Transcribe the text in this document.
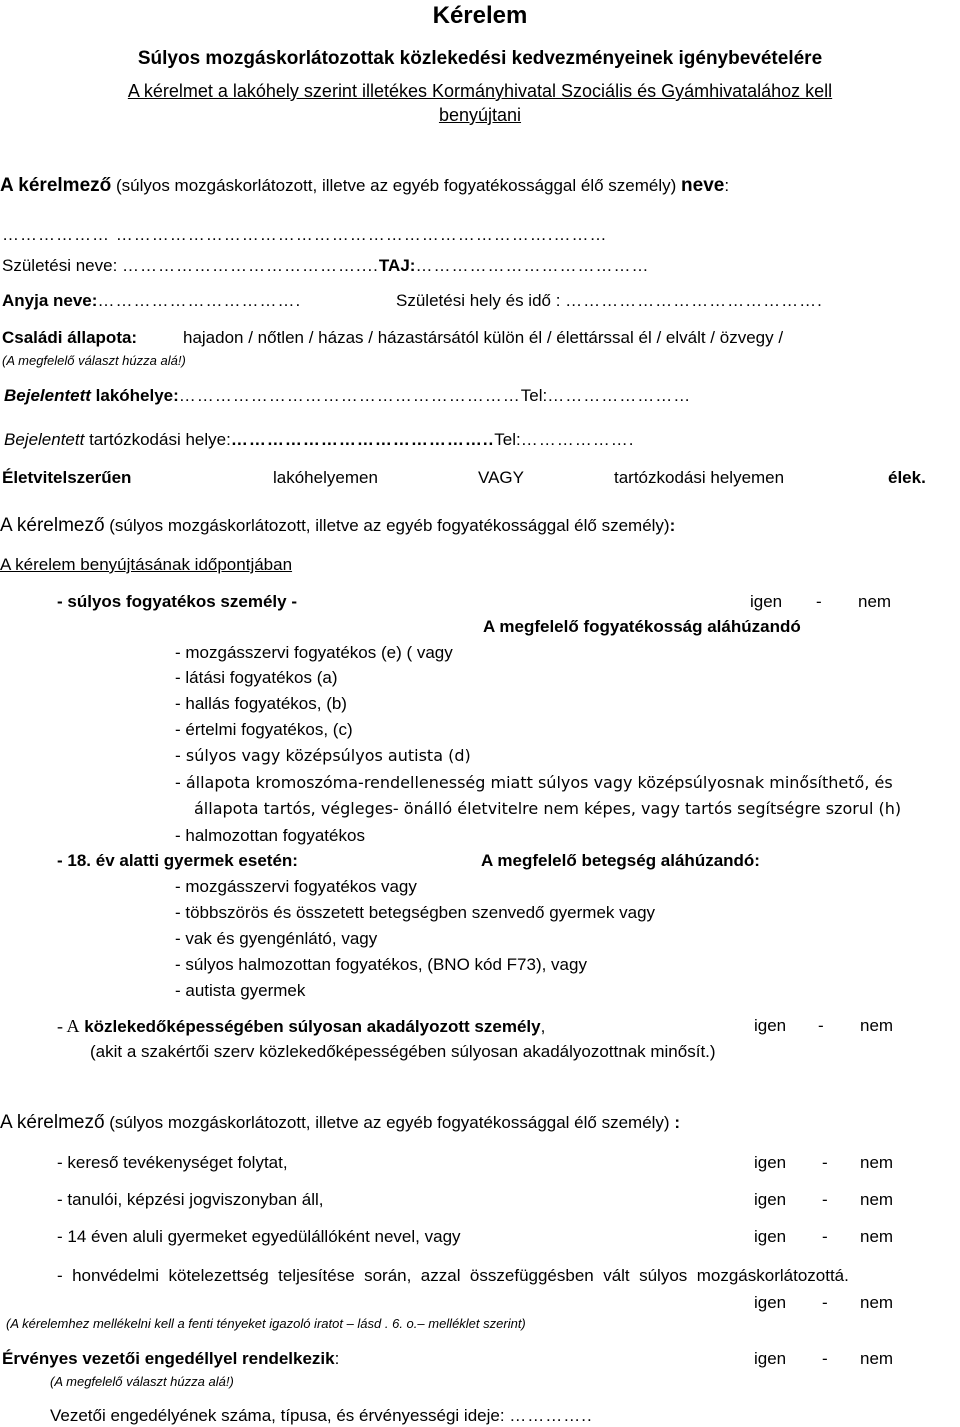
Kérelem
Súlyos mozgáskorlátozottak közlekedési kedvezményeinek igénybevételére
A kérelmet a lakóhely szerint illetékes Kormányhivatal Szociális és Gyámhivatalához kell
benyújtani
A kérelmező (súlyos mozgáskorlátozott, illetve az egyéb fogyatékossággal élő személy) neve:
……………… ……………………………………………………………….………
Születési neve: …………………………………....TAJ:…………………………………
Anyja neve:…………………………….	Születési hely és idő : …………………………………….
Családi állapota:	hajadon / nőtlen / házas / házastársától külön él / élettárssal él / elvált / özvegy /
(A megfelelő választ húzza alá!)
Bejelentett lakóhelye:…………………………………………………Tel:……………………
Bejelentett tartózkodási helye:……………………………………..Tel:……………….
Életvitelszerűen	lakóhelyemen	VAGY	tartózkodási helyemen	élek.
A kérelmező (súlyos mozgáskorlátozott, illetve az egyéb fogyatékossággal élő személy):
A kérelem benyújtásának időpontjában
- súlyos fogyatékos személy -	igen - nem
A megfelelő fogyatékosság aláhúzandó
- mozgásszervi fogyatékos (e) ( vagy
- látási fogyatékos (a)
- hallás fogyatékos, (b)
- értelmi fogyatékos, (c)
- súlyos vagy középsúlyos autista (d)
- állapota kromoszóma-rendellenesség miatt súlyos vagy középsúlyosnak minősíthető, és
állapota tartós, végleges- önálló életvitelre nem képes, vagy tartós segítségre szorul (h)
- halmozottan fogyatékos
- 18. év alatti gyermek esetén:	A megfelelő betegség aláhúzandó:
- mozgásszervi fogyatékos vagy
- többszörös és összetett betegségben szenvedő gyermek vagy
- vak és gyengénlátó, vagy
- súlyos halmozottan fogyatékos, (BNO kód F73), vagy
- autista gyermek
- A közlekedőképességében súlyosan akadályozott személy,	igen - nem
(akit a szakértői szerv közlekedőképességében súlyosan akadályozottnak minősít.)
A kérelmező (súlyos mozgáskorlátozott, illetve az egyéb fogyatékossággal élő személy) :
- kereső tevékenységet folytat,	igen - nem
- tanulói, képzési jogviszonyban áll,	igen - nem
- 14 éven aluli gyermeket egyedülállóként nevel, vagy	igen - nem
-  honvédelmi  kötelezettség  teljesítése  során,  azzal  összefüggésben  vált  súlyos  mozgáskorlátozottá.
igen - nem
(A kérelemhez mellékelni kell a fenti tényeket igazoló iratot – lásd . 6. o.– melléklet szerint)
Érvényes vezetői engedéllyel rendelkezik:	igen - nem
(A megfelelő választ húzza alá!)
Vezetői engedélyének száma, típusa, és érvényességi ideje: …………..
